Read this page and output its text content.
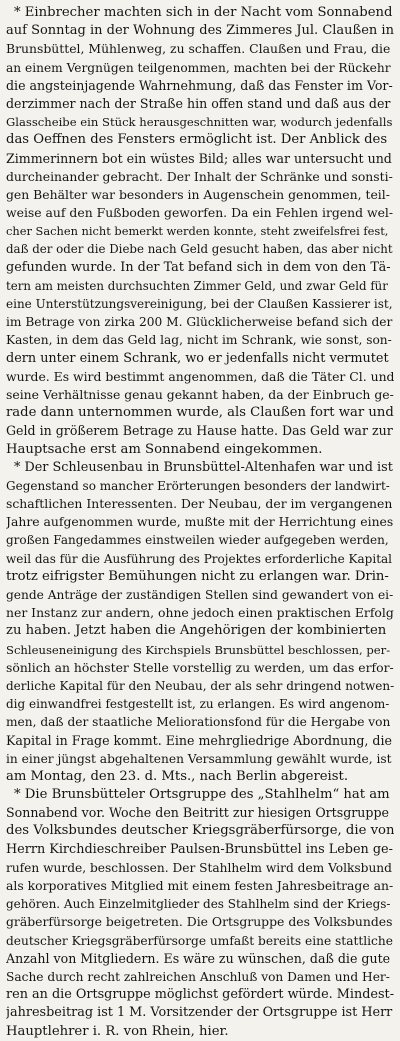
* Einbrecher machten sich in der Nacht vom Sonnabend
auf Sonntag in der Wohnung des Zimmeres Jul. Claußen in
Brunsbüttel, Mühlenweg, zu schaffen. Claußen und Frau, die
an einem Vergnügen teilgenommen, machten bei der Rückehr
die angsteinjagende Wahrnehmung, daß das Fenster im Vor-
derzimmer nach der Straße hin offen stand und daß aus der
Glasscheibe ein Stück herausgeschnitten war, wodurch jedenfalls
das Oeffnen des Fensters ermöglicht ist. Der Anblick des
Zimmerinnern bot ein wüstes Bild; alles war untersucht und
durcheinander gebracht. Der Inhalt der Schränke und sonsti-
gen Behälter war besonders in Augenschein genommen, teil-
weise auf den Fußboden geworfen. Da ein Fehlen irgend wel-
cher Sachen nicht bemerkt werden konnte, steht zweifelsfrei fest,
daß der oder die Diebe nach Geld gesucht haben, das aber nicht
gefunden wurde. In der Tat befand sich in dem von den Tä-
tern am meisten durchsuchten Zimmer Geld, und zwar Geld für
eine Unterstützungsvereinigung, bei der Claußen Kassierer ist,
im Betrage von zirka 200 M. Glücklicherweise befand sich der
Kasten, in dem das Geld lag, nicht im Schrank, wie sonst, son-
dern unter einem Schrank, wo er jedenfalls nicht vermutet
wurde. Es wird bestimmt angenommen, daß die Täter Cl. und
seine Verhältnisse genau gekannt haben, da der Einbruch ge-
rade dann unternommen wurde, als Claußen fort war und
Geld in größerem Betrage zu Hause hatte. Das Geld war zur
Hauptsache erst am Sonnabend eingekommen.
* Der Schleusenbau in Brunsbüttel-Altenhafen war und ist
Gegenstand so mancher Erörterungen besonders der landwirt-
schaftlichen Interessenten. Der Neubau, der im vergangenen
Jahre aufgenommen wurde, mußte mit der Herrichtung eines
großen Fangedammes einstweilen wieder aufgegeben werden,
weil das für die Ausführung des Projektes erforderliche Kapital
trotz eifrigster Bemühungen nicht zu erlangen war. Drin-
gende Anträge der zuständigen Stellen sind gewandert von ei-
ner Instanz zur andern, ohne jedoch einen praktischen Erfolg
zu haben. Jetzt haben die Angehörigen der kombinierten
Schleuseneinigung des Kirchspiels Brunsbüttel beschlossen, per-
sönlich an höchster Stelle vorstellig zu werden, um das erfor-
derliche Kapital für den Neubau, der als sehr dringend notwen-
dig einwandfrei festgestellt ist, zu erlangen. Es wird angenom-
men, daß der staatliche Meliorationsfond für die Hergabe von
Kapital in Frage kommt. Eine mehrgliedrige Abordnung, die
in einer jüngst abgehaltenen Versammlung gewählt wurde, ist
am Montag, den 23. d. Mts., nach Berlin abgereist.
* Die Brunsbütteler Ortsgruppe des „Stahlhelm“ hat am
Sonnabend vor. Woche den Beitritt zur hiesigen Ortsgruppe
des Volksbundes deutscher Kriegsgräberfürsorge, die von
Herrn Kirchdieschreiber Paulsen-Brunsbüttel ins Leben ge-
rufen wurde, beschlossen. Der Stahlhelm wird dem Volksbund
als korporatives Mitglied mit einem festen Jahresbeitrage an-
gehören. Auch Einzelmitglieder des Stahlhelm sind der Kriegs-
gräberfürsorge beigetreten. Die Ortsgruppe des Volksbundes
deutscher Kriegsgräberfürsorge umfaßt bereits eine stattliche
Anzahl von Mitgliedern. Es wäre zu wünschen, daß die gute
Sache durch recht zahlreichen Anschluß von Damen und Her-
ren an die Ortsgruppe möglichst gefördert würde. Mindest-
jahresbeitrag ist 1 M. Vorsitzender der Ortsgruppe ist Herr
Hauptlehrer i. R. von Rhein, hier.
